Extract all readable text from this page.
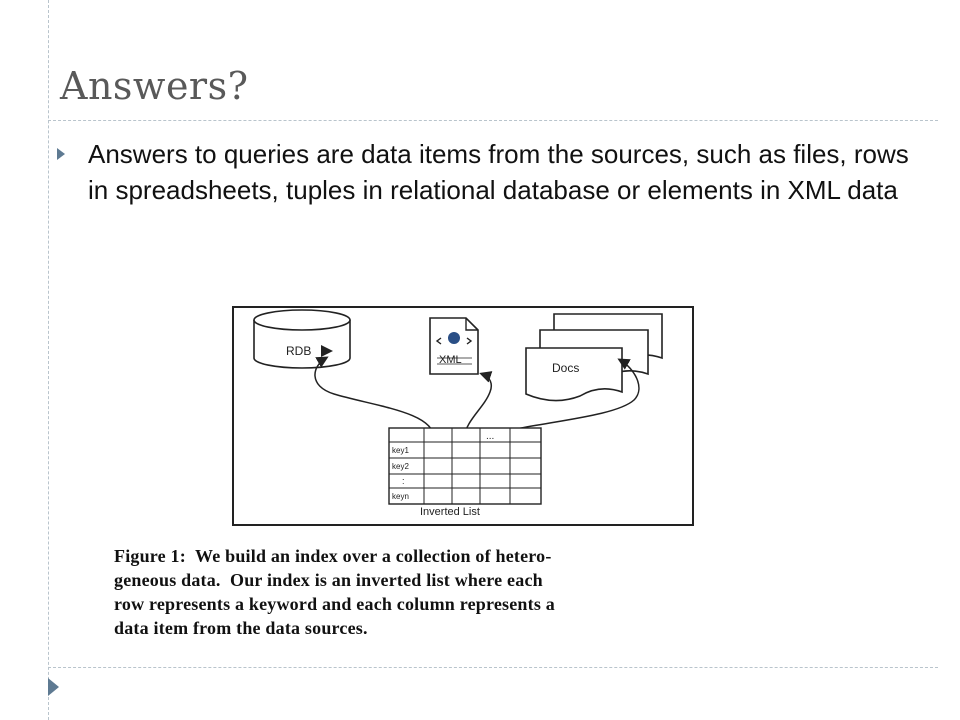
Answers?
Answers to queries are data items from the sources, such as files, rows in spreadsheets, tuples in relational database or elements in XML data
RDB
XML
Docs
...
key1
key2
:
keyn
Inverted List
Figure 1:  We build an index over a collection of hetero-
geneous data.  Our index is an inverted list where each
row represents a keyword and each column represents a
data item from the data sources.
